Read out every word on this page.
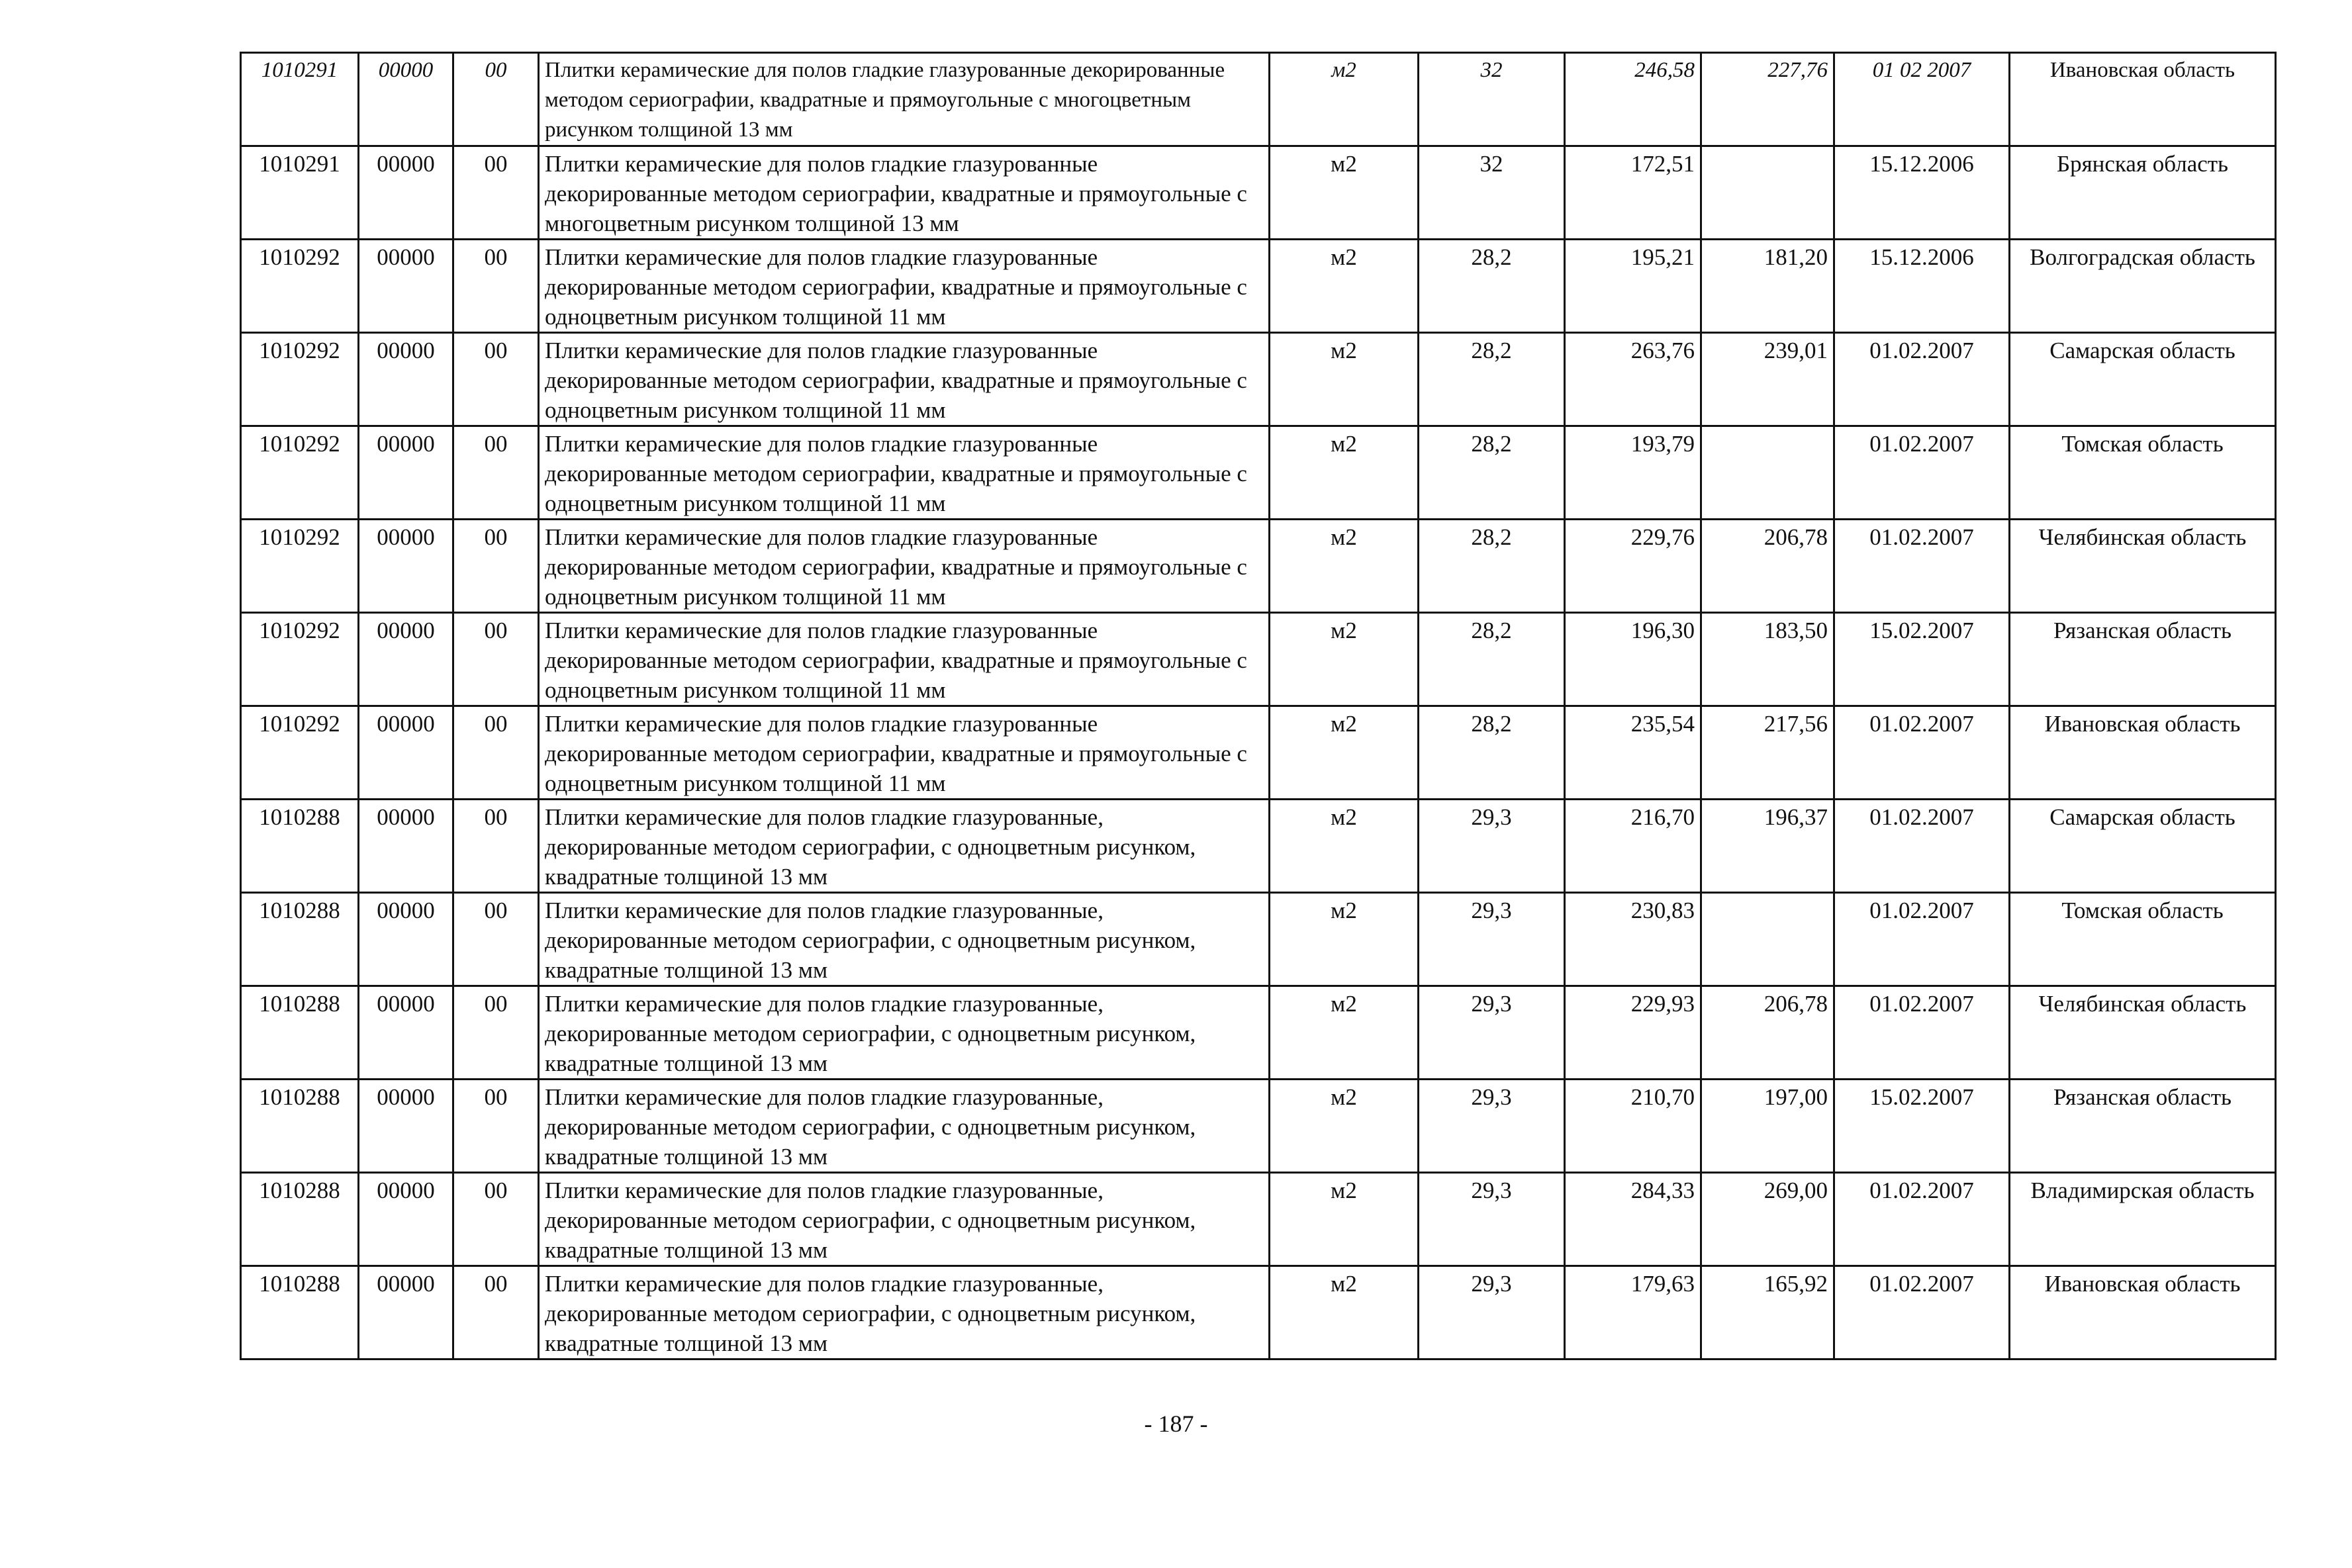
1010291	00000	00	Плитки керамические для полов гладкие глазурованные декорированные методом сериографии, квадратные и прямоугольные с многоцветным рисунком толщиной 13 мм	м2	32	246,58	227,76	01 02 2007	Ивановская область
1010291	00000	00	Плитки керамические для полов гладкие глазурованные декорированные методом сериографии, квадратные и прямоугольные с многоцветным рисунком толщиной 13 мм	м2	32	172,51		15.12.2006	Брянская область
1010292	00000	00	Плитки керамические для полов гладкие глазурованные декорированные методом сериографии, квадратные и прямоугольные с одноцветным рисунком толщиной 11 мм	м2	28,2	195,21	181,20	15.12.2006	Волгоградская область
1010292	00000	00	Плитки керамические для полов гладкие глазурованные декорированные методом сериографии, квадратные и прямоугольные с одноцветным рисунком толщиной 11 мм	м2	28,2	263,76	239,01	01.02.2007	Самарская область
1010292	00000	00	Плитки керамические для полов гладкие глазурованные декорированные методом сериографии, квадратные и прямоугольные с одноцветным рисунком толщиной 11 мм	м2	28,2	193,79		01.02.2007	Томская область
1010292	00000	00	Плитки керамические для полов гладкие глазурованные декорированные методом сериографии, квадратные и прямоугольные с одноцветным рисунком толщиной 11 мм	м2	28,2	229,76	206,78	01.02.2007	Челябинская область
1010292	00000	00	Плитки керамические для полов гладкие глазурованные декорированные методом сериографии, квадратные и прямоугольные с одноцветным рисунком толщиной 11 мм	м2	28,2	196,30	183,50	15.02.2007	Рязанская область
1010292	00000	00	Плитки керамические для полов гладкие глазурованные декорированные методом сериографии, квадратные и прямоугольные с одноцветным рисунком толщиной 11 мм	м2	28,2	235,54	217,56	01.02.2007	Ивановская область
1010288	00000	00	Плитки керамические для полов гладкие глазурованные, декорированные методом сериографии, с одноцветным рисунком, квадратные толщиной 13 мм	м2	29,3	216,70	196,37	01.02.2007	Самарская область
1010288	00000	00	Плитки керамические для полов гладкие глазурованные, декорированные методом сериографии, с одноцветным рисунком, квадратные толщиной 13 мм	м2	29,3	230,83		01.02.2007	Томская область
1010288	00000	00	Плитки керамические для полов гладкие глазурованные, декорированные методом сериографии, с одноцветным рисунком, квадратные толщиной 13 мм	м2	29,3	229,93	206,78	01.02.2007	Челябинская область
1010288	00000	00	Плитки керамические для полов гладкие глазурованные, декорированные методом сериографии, с одноцветным рисунком, квадратные толщиной 13 мм	м2	29,3	210,70	197,00	15.02.2007	Рязанская область
1010288	00000	00	Плитки керамические для полов гладкие глазурованные, декорированные методом сериографии, с одноцветным рисунком, квадратные толщиной 13 мм	м2	29,3	284,33	269,00	01.02.2007	Владимирская область
1010288	00000	00	Плитки керамические для полов гладкие глазурованные, декорированные методом сериографии, с одноцветным рисунком, квадратные толщиной 13 мм	м2	29,3	179,63	165,92	01.02.2007	Ивановская область
- 187 -
